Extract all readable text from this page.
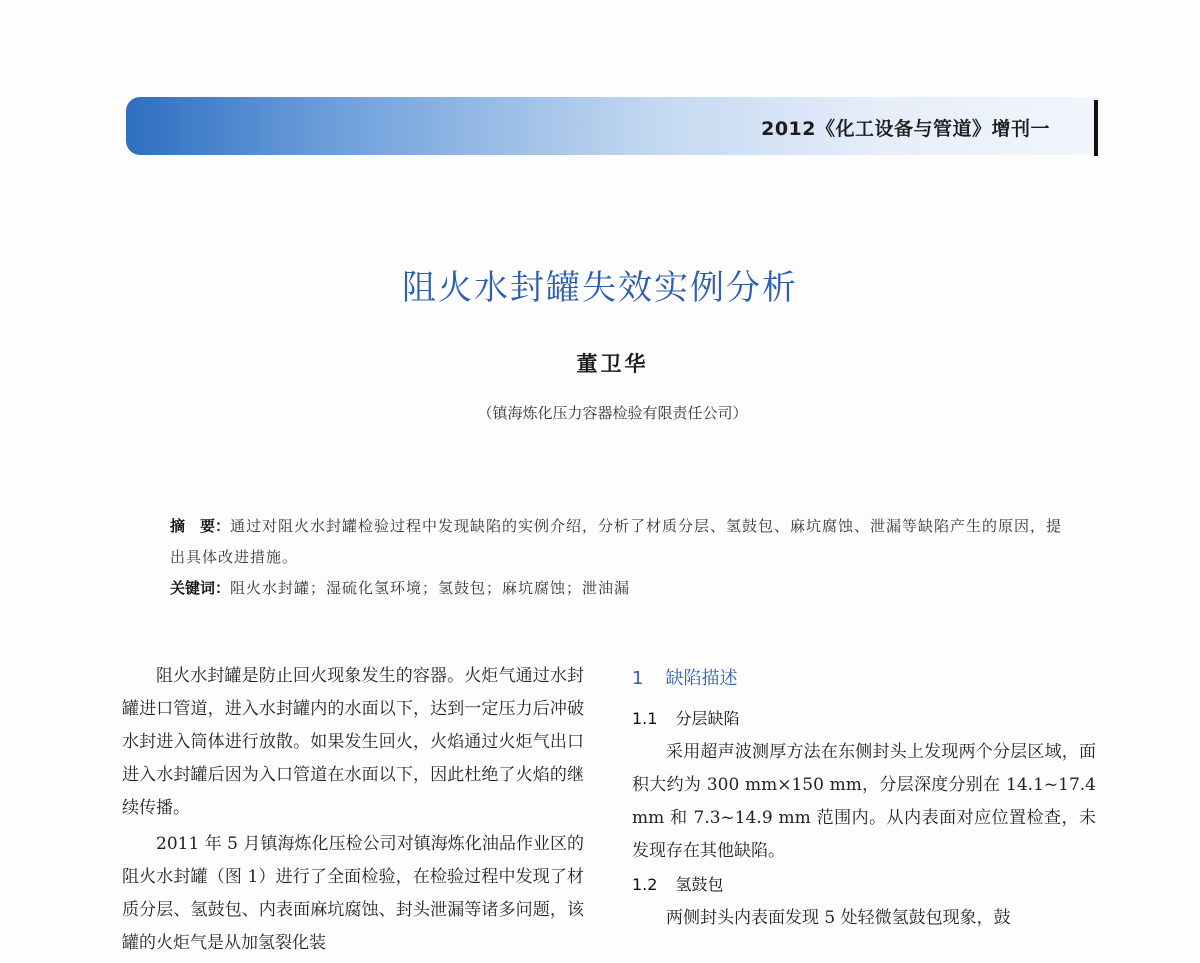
2012《化工设备与管道》增刊一
阻火水封罐失效实例分析
董卫华
（镇海炼化压力容器检验有限责任公司）
摘　要：通过对阻火水封罐检验过程中发现缺陷的实例介绍，分析了材质分层、氢鼓包、麻坑腐蚀、泄漏等缺陷产生的原因，提出具体改进措施。
关键词：阻火水封罐；湿硫化氢环境；氢鼓包；麻坑腐蚀；泄油漏

阻火水封罐是防止回火现象发生的容器。火炬气通过水封罐进口管道，进入水封罐内的水面以下，达到一定压力后冲破水封进入筒体进行放散。如果发生回火，火焰通过火炬气出口进入水封罐后因为入口管道在水面以下，因此杜绝了火焰的继续传播。

2011 年 5 月镇海炼化压检公司对镇海炼化油品作业区的阻火水封罐（图 1）进行了全面检验，在检验过程中发现了材质分层、氢鼓包、内表面麻坑腐蚀、封头泄漏等诸多问题，该罐的火炬气是从加氢裂化装

1 缺陷描述
1.1 分层缺陷

采用超声波测厚方法在东侧封头上发现两个分层区域，面积大约为 300 mm×150 mm，分层深度分别在 14.1~17.4 mm 和 7.3~14.9 mm 范围内。从内表面对应位置检查，未发现存在其他缺陷。

1.2 氢鼓包

两侧封头内表面发现 5 处轻微氢鼓包现象，鼓
